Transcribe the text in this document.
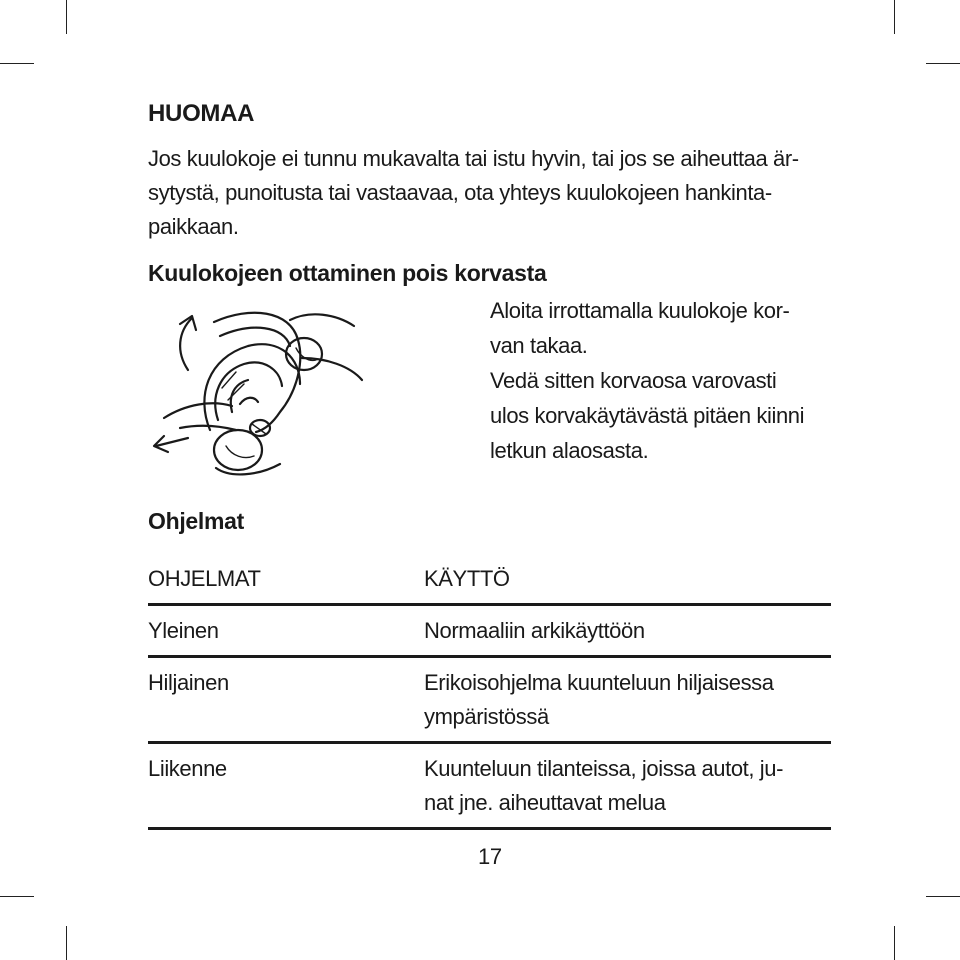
HUOMAA
Jos kuulokoje ei tunnu mukavalta tai istu hyvin, tai jos se aiheuttaa är-
sytystä, punoitusta tai vastaavaa, ota yhteys kuulokojeen hankinta-
paikkaan.
Kuulokojeen ottaminen pois korvasta
Aloita irrottamalla kuulokoje kor-
van takaa.
Vedä sitten korvaosa varovasti
ulos korvakäytävästä pitäen kiinni
letkun alaosasta.
Ohjelmat
OHJELMAT	KÄYTTÖ
Yleinen	Normaaliin arkikäyttöön
Hiljainen	Erikoisohjelma kuunteluun hiljaisessa
ympäristössä
Liikenne	Kuunteluun tilanteissa, joissa autot, ju-
nat jne. aiheuttavat melua
17
